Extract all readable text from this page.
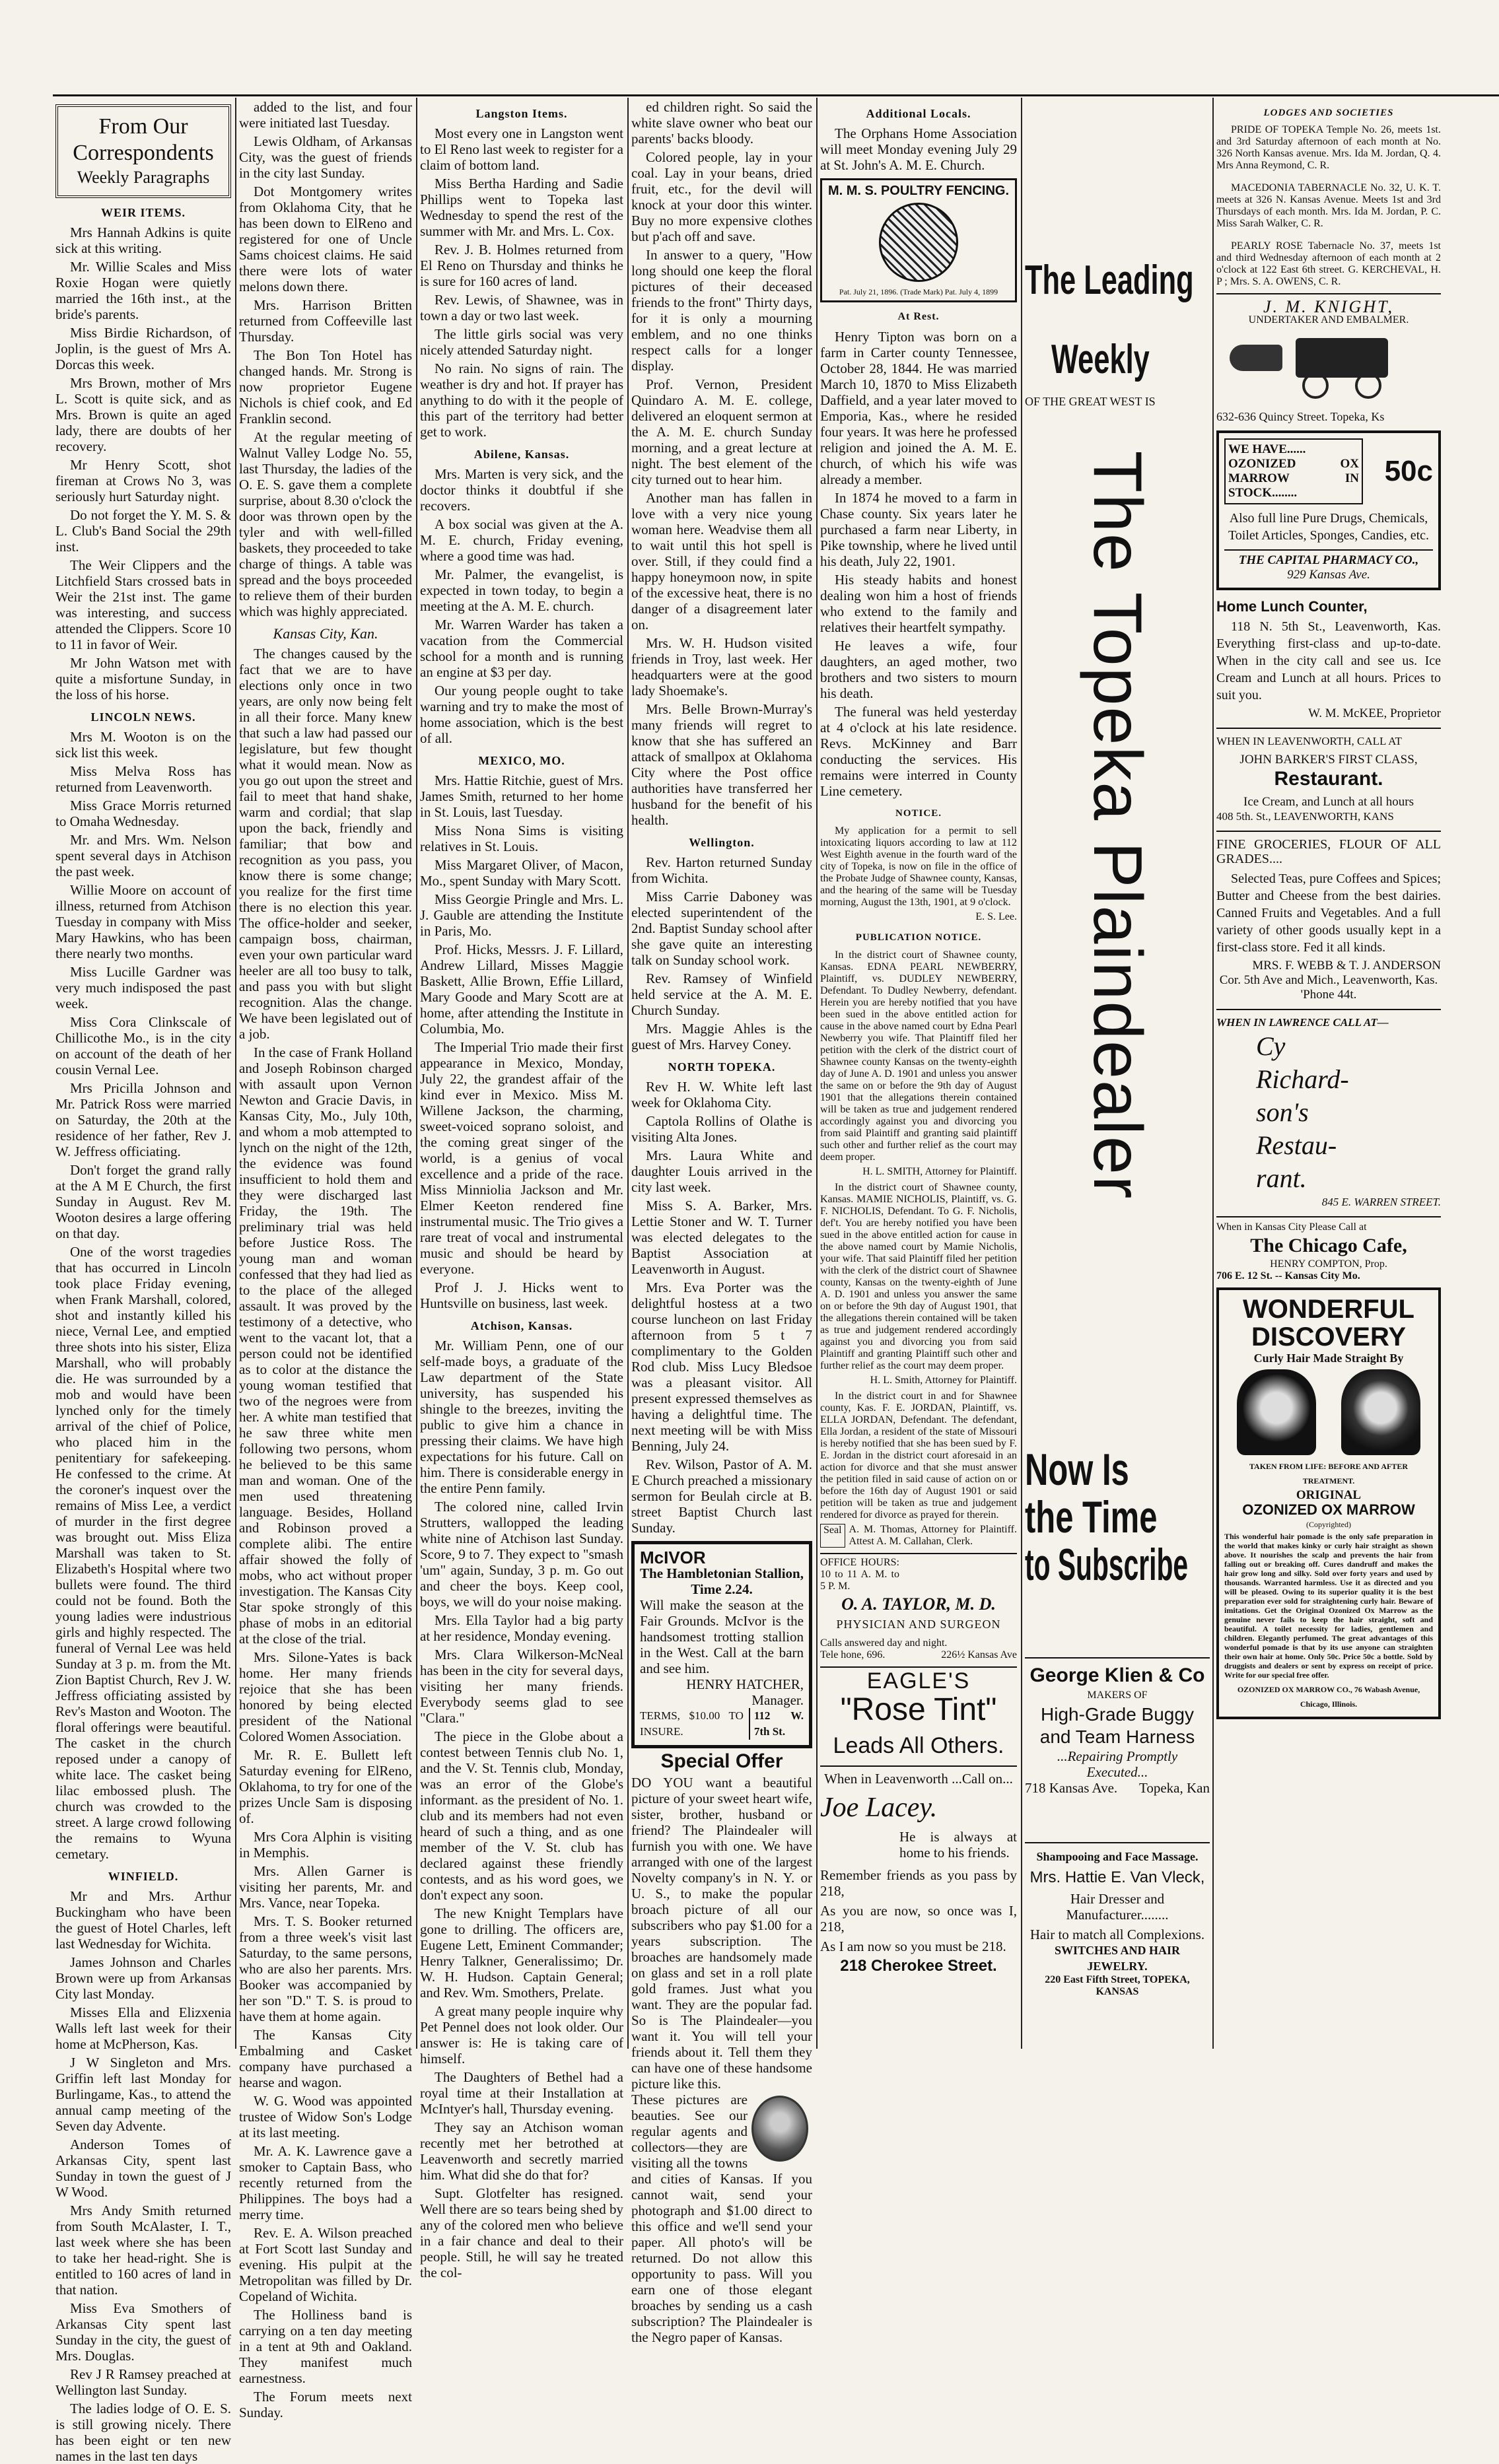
From Our Correspondents
Weekly Paragraphs
WEIR ITEMS.
Mrs Hannah Adkins is quite sick at this writing.
Mr. Willie Scales and Miss Roxie Hogan were quietly married the 16th inst., at the bride's parents.
Miss Birdie Richardson, of Joplin, is the guest of Mrs A. Dorcas this week.
Mrs Brown, mother of Mrs L. Scott is quite sick, and as Mrs. Brown is quite an aged lady, there are doubts of her recovery.
Mr Henry Scott, shot fireman at Crows No 3, was seriously hurt Saturday night.
Do not forget the Y. M. S. & L. Club's Band Social the 29th inst.
The Weir Clippers and the Litchfield Stars crossed bats in Weir the 21st inst. The game was interesting, and success attended the Clippers. Score 10 to 11 in favor of Weir.
Mr John Watson met with quite a misfortune Sunday, in the loss of his horse.
LINCOLN NEWS.
Mrs M. Wooton is on the sick list this week.
Miss Melva Ross has returned from Leavenworth.
Miss Grace Morris returned to Omaha Wednesday.
Mr. and Mrs. Wm. Nelson spent several days in Atchison the past week.
Willie Moore on account of illness, returned from Atchison Tuesday in company with Miss Mary Hawkins, who has been there nearly two months.
Miss Lucille Gardner was very much indisposed the past week.
Miss Cora Clinkscale of Chillicothe Mo., is in the city on account of the death of her cousin Vernal Lee.
Mrs Pricilla Johnson and Mr. Patrick Ross were married on Saturday, the 20th at the residence of her father, Rev J. W. Jeffress officiating.
Don't forget the grand rally at the A M E Church, the first Sunday in August. Rev M. Wooton desires a large offering on that day.
One of the worst tragedies that has occurred in Lincoln took place Friday evening, when Frank Marshall, colored, shot and instantly killed his niece, Vernal Lee, and emptied three shots into his sister, Eliza Marshall, who will probably die. He was surrounded by a mob and would have been lynched only for the timely arrival of the chief of Police, who placed him in the penitentiary for safekeeping. He confessed to the crime. At the coroner's inquest over the remains of Miss Lee, a verdict of murder in the first degree was brought out. Miss Eliza Marshall was taken to St. Elizabeth's Hospital where two bullets were found. The third could not be found. Both the young ladies were industrious girls and highly respected. The funeral of Vernal Lee was held Sunday at 3 p. m. from the Mt. Zion Baptist Church, Rev J. W. Jeffress officiating assisted by Rev's Maston and Wooton. The floral offerings were beautiful. The casket in the church reposed under a canopy of white lace. The casket being lilac embossed plush. The church was crowded to the street. A large crowd following the remains to Wyuna cemetary.
WINFIELD.
Mr and Mrs. Arthur Buckingham who have been the guest of Hotel Charles, left last Wednesday for Wichita.
James Johnson and Charles Brown were up from Arkansas City last Monday.
Misses Ella and Elizxenia Walls left last week for their home at McPherson, Kas.
J W Singleton and Mrs. Griffin left last Monday for Burlingame, Kas., to attend the annual camp meeting of the Seven day Advente.
Anderson Tomes of Arkansas City, spent last Sunday in town the guest of J W Wood.
Mrs Andy Smith returned from South McAlaster, I. T., last week where she has been to take her head-right. She is entitled to 160 acres of land in that nation.
Miss Eva Smothers of Arkansas City spent last Sunday in the city, the guest of Mrs. Douglas.
Rev J R Ramsey preached at Wellington last Sunday.
The ladies lodge of O. E. S. is still growing nicely. There has been eight or ten new names in the last ten days
added to the list, and four were initiated last Tuesday.
Lewis Oldham, of Arkansas City, was the guest of friends in the city last Sunday.
Dot Montgomery writes from Oklahoma City, that he has been down to ElReno and registered for one of Uncle Sams choicest claims. He said there were lots of water melons down there.
Mrs. Harrison Britten returned from Coffeeville last Thursday.
The Bon Ton Hotel has changed hands. Mr. Strong is now proprietor Eugene Nichols is chief cook, and Ed Franklin second.
At the regular meeting of Walnut Valley Lodge No. 55, last Thursday, the ladies of the O. E. S. gave them a complete surprise, about 8.30 o'clock the door was thrown open by the tyler and with well-filled baskets, they proceeded to take charge of things. A table was spread and the boys proceeded to relieve them of their burden which was highly appreciated.
Kansas City, Kan.
The changes caused by the fact that we are to have elections only once in two years, are only now being felt in all their force. Many knew that such a law had passed our legislature, but few thought what it would mean. Now as you go out upon the street and fail to meet that hand shake, warm and cordial; that slap upon the back, friendly and familiar; that bow and recognition as you pass, you know there is some change; you realize for the first time there is no election this year. The office-holder and seeker, campaign boss, chairman, even your own particular ward heeler are all too busy to talk, and pass you with but slight recognition. Alas the change. We have been legislated out of a job.
In the case of Frank Holland and Joseph Robinson charged with assault upon Vernon Newton and Gracie Davis, in Kansas City, Mo., July 10th, and whom a mob attempted to lynch on the night of the 12th, the evidence was found insufficient to hold them and they were discharged last Friday, the 19th. The preliminary trial was held before Justice Ross. The young man and woman confessed that they had lied as to the place of the alleged assault. It was proved by the testimony of a detective, who went to the vacant lot, that a person could not be identified as to color at the distance the young woman testified that two of the negroes were from her. A white man testified that he saw three white men following two persons, whom he believed to be this same man and woman. One of the men used threatening language. Besides, Holland and Robinson proved a complete alibi. The entire affair showed the folly of mobs, who act without proper investigation. The Kansas City Star spoke strongly of this phase of mobs in an editorial at the close of the trial.
Mrs. Silone-Yates is back home. Her many friends rejoice that she has been honored by being elected president of the National Colored Women Association.
Mr. R. E. Bullett left Saturday evening for ElReno, Oklahoma, to try for one of the prizes Uncle Sam is disposing of.
Mrs Cora Alphin is visiting in Memphis.
Mrs. Allen Garner is visiting her parents, Mr. and Mrs. Vance, near Topeka.
Mrs. T. S. Booker returned from a three week's visit last Saturday, to the same persons, who are also her parents. Mrs. Booker was accompanied by her son "D." T. S. is proud to have them at home again.
The Kansas City Embalming and Casket company have purchased a hearse and wagon.
W. G. Wood was appointed trustee of Widow Son's Lodge at its last meeting.
Mr. A. K. Lawrence gave a smoker to Captain Bass, who recently returned from the Philippines. The boys had a merry time.
Rev. E. A. Wilson preached at Fort Scott last Sunday and evening. His pulpit at the Metropolitan was filled by Dr. Copeland of Wichita.
The Holliness band is carrying on a ten day meeting in a tent at 9th and Oakland. They manifest much earnestness.
The Forum meets next Sunday.
Langston Items.
Most every one in Langston went to El Reno last week to register for a claim of bottom land.
Miss Bertha Harding and Sadie Phillips went to Topeka last Wednesday to spend the rest of the summer with Mr. and Mrs. L. Cox.
Rev. J. B. Holmes returned from El Reno on Thursday and thinks he is sure for 160 acres of land.
Rev. Lewis, of Shawnee, was in town a day or two last week.
The little girls social was very nicely attended Saturday night.
No rain. No signs of rain. The weather is dry and hot. If prayer has anything to do with it the people of this part of the territory had better get to work.
Abilene, Kansas.
Mrs. Marten is very sick, and the doctor thinks it doubtful if she recovers.
A box social was given at the A. M. E. church, Friday evening, where a good time was had.
Mr. Palmer, the evangelist, is expected in town today, to begin a meeting at the A. M. E. church.
Mr. Warren Warder has taken a vacation from the Commercial school for a month and is running an engine at $3 per day.
Our young people ought to take warning and try to make the most of home association, which is the best of all.
MEXICO, MO.
Mrs. Hattie Ritchie, guest of Mrs. James Smith, returned to her home in St. Louis, last Tuesday.
Miss Nona Sims is visiting relatives in St. Louis.
Miss Margaret Oliver, of Macon, Mo., spent Sunday with Mary Scott.
Miss Georgie Pringle and Mrs. L. J. Gauble are attending the Institute in Paris, Mo.
Prof. Hicks, Messrs. J. F. Lillard, Andrew Lillard, Misses Maggie Baskett, Allie Brown, Effie Lillard, Mary Goode and Mary Scott are at home, after attending the Institute in Columbia, Mo.
The Imperial Trio made their first appearance in Mexico, Monday, July 22, the grandest affair of the kind ever in Mexico. Miss M. Willene Jackson, the charming, sweet-voiced soprano soloist, and the coming great singer of the world, is a genius of vocal excellence and a pride of the race. Miss Minniolia Jackson and Mr. Elmer Keeton rendered fine instrumental music. The Trio gives a rare treat of vocal and instrumental music and should be heard by everyone.
Prof J. J. Hicks went to Huntsville on business, last week.
Atchison, Kansas.
Mr. William Penn, one of our self-made boys, a graduate of the Law department of the State university, has suspended his shingle to the breezes, inviting the public to give him a chance in pressing their claims. We have high expectations for his future. Call on him. There is considerable energy in the entire Penn family.
The colored nine, called Irvin Strutters, wallopped the leading white nine of Atchison last Sunday. Score, 9 to 7. They expect to "smash 'um" again, Sunday, 3 p. m. Go out and cheer the boys. Keep cool, boys, we will do your noise making.
Mrs. Ella Taylor had a big party at her residence, Monday evening.
Mrs. Clara Wilkerson-McNeal has been in the city for several days, visiting her many friends. Everybody seems glad to see "Clara."
The piece in the Globe about a contest between Tennis club No. 1, and the V. St. Tennis club, Monday, was an error of the Globe's informant. as the president of No. 1. club and its members had not even heard of such a thing, and as one member of the V. St. club has declared against these friendly contests, and as his word goes, we don't expect any soon.
The new Knight Templars have gone to drilling. The officers are, Eugene Lett, Eminent Commander; Henry Talkner, Generalissimo; Dr. W. H. Hudson. Captain General; and Rev. Wm. Smothers, Prelate.
A great many people inquire why Pet Pennel does not look older. Our answer is: He is taking care of himself.
The Daughters of Bethel had a royal time at their Installation at McIntyer's hall, Thursday evening.
They say an Atchison woman recently met her betrothed at Leavenworth and secretly married him. What did she do that for?
Supt. Glotfelter has resigned. Well there are so tears being shed by any of the colored men who believe in a fair chance and deal to their people. Still, he will say he treated the col-
ed children right. So said the white slave owner who beat our parents' backs bloody.
Colored people, lay in your coal. Lay in your beans, dried fruit, etc., for the devil will knock at your door this winter. Buy no more expensive clothes but p'ach off and save.
In answer to a query, "How long should one keep the floral pictures of their deceased friends to the front" Thirty days, for it is only a mourning emblem, and no one thinks respect calls for a longer display.
Prof. Vernon, President Quindaro A. M. E. college, delivered an eloquent sermon at the A. M. E. church Sunday morning, and a great lecture at night. The best element of the city turned out to hear him.
Another man has fallen in love with a very nice young woman here. Weadvise them all to wait until this hot spell is over. Still, if they could find a happy honeymoon now, in spite of the excessive heat, there is no danger of a disagreement later on.
Mrs. W. H. Hudson visited friends in Troy, last week. Her headquarters were at the good lady Shoemake's.
Mrs. Belle Brown-Murray's many friends will regret to know that she has suffered an attack of smallpox at Oklahoma City where the Post office authorities have transferred her husband for the benefit of his health.
Wellington.
Rev. Harton returned Sunday from Wichita.
Miss Carrie Daboney was elected superintendent of the 2nd. Baptist Sunday school after she gave quite an interesting talk on Sunday school work.
Rev. Ramsey of Winfield held service at the A. M. E. Church Sunday.
Mrs. Maggie Ahles is the guest of Mrs. Harvey Coney.
NORTH TOPEKA.
Rev H. W. White left last week for Oklahoma City.
Captola Rollins of Olathe is visiting Alta Jones.
Mrs. Laura White and daughter Louis arrived in the city last week.
Miss S. A. Barker, Mrs. Lettie Stoner and W. T. Turner was elected delegates to the Baptist Association at Leavenworth in August.
Mrs. Eva Porter was the delightful hostess at a two course luncheon on last Friday afternoon from 5 t 7 complimentary to the Golden Rod club. Miss Lucy Bledsoe was a pleasant visitor. All present expressed themselves as having a delightful time. The next meeting will be with Miss Benning, July 24.
Rev. Wilson, Pastor of A. M. E Church preached a missionary sermon for Beulah circle at B. street Baptist Church last Sunday.
McIVOR
The Hambletonian Stallion, Time 2.24.
Will make the season at the Fair Grounds. McIvor is the handsomest trotting stallion in the West. Call at the barn and see him.
HENRY HATCHER, Manager.
TERMS, $10.00 TO INSURE.
112 W. 7th St.
Special Offer
DO YOU want a beautiful picture of your sweet heart wife, sister, brother, husband or friend? The Plaindealer will furnish you with one. We have arranged with one of the largest Novelty company's in N. Y. or U. S., to make the popular broach picture of all our subscribers who pay $1.00 for a years subscription. The broaches are handsomely made on glass and set in a roll plate gold frames. Just what you want. They are the popular fad. So is The Plaindealer—you want it. You will tell your friends about it. Tell them they can have one of these handsome picture like this.
These pictures are beauties. See our regular agents and collectors—they are visiting all the towns and cities of Kansas. If you cannot wait, send your photograph and $1.00 direct to this office and we'll send your paper. All photo's will be returned. Do not allow this opportunity to pass. Will you earn one of those elegant broaches by sending us a cash subscription? The Plaindealer is the Negro paper of Kansas.
Additional Locals.
The Orphans Home Association will meet Monday evening July 29 at St. John's A. M. E. Church.
M. M. S. POULTRY FENCING.
Pat. July 21, 1896. (Trade Mark) Pat. July 4, 1899
At Rest.
Henry Tipton was born on a farm in Carter county Tennessee, October 28, 1844. He was married March 10, 1870 to Miss Elizabeth Daffield, and a year later moved to Emporia, Kas., where he resided four years. It was here he professed religion and joined the A. M. E. church, of which his wife was already a member.
In 1874 he moved to a farm in Chase county. Six years later he purchased a farm near Liberty, in Pike township, where he lived until his death, July 22, 1901.
His steady habits and honest dealing won him a host of friends who extend to the family and relatives their heartfelt sympathy.
He leaves a wife, four daughters, an aged mother, two brothers and two sisters to mourn his death.
The funeral was held yesterday at 4 o'clock at his late residence. Revs. McKinney and Barr conducting the services. His remains were interred in County Line cemetery.
NOTICE.
My application for a permit to sell intoxicating liquors according to law at 112 West Eighth avenue in the fourth ward of the city of Topeka, is now on file in the office of the Probate Judge of Shawnee county, Kansas, and the hearing of the same will be Tuesday morning, August the 13th, 1901, at 9 o'clock.
E. S. Lee.
PUBLICATION NOTICE.
In the district court of Shawnee county, Kansas. EDNA PEARL NEWBERRY, Plaintiff, vs. DUDLEY NEWBERRY, Defendant. To Dudley Newberry, defendant. Herein you are hereby notified that you have been sued in the above entitled action for cause in the above named court by Edna Pearl Newberry you wife. That Plaintiff filed her petition with the clerk of the district court of Shawnee county Kansas on the twenty-eighth day of June A. D. 1901 and unless you answer the same on or before the 9th day of August 1901 that the allegations therein contained will be taken as true and judgement rendered accordingly against you and divorcing you from said Plaintiff and granting said plaintiff such other and further relief as the court may deem proper.
H. L. SMITH, Attorney for Plaintiff.
In the district court of Shawnee county, Kansas. MAMIE NICHOLIS, Plaintiff, vs. G. F. NICHOLIS, Defendant. To G. F. Nicholis, def't. You are hereby notified you have been sued in the above entitled action for cause in the above named court by Mamie Nicholis, your wife. That said Plaintiff filed her petition with the clerk of the district court of Shawnee county, Kansas on the twenty-eighth of June A. D. 1901 and unless you answer the same on or before the 9th day of August 1901, that the allegations therein contained will be taken as true and judgement rendered accordingly against you and divorcing you from said Plaintiff and granting Plaintiff such other and further relief as the court may deem proper.
H. L. Smith, Attorney for Plaintiff.
In the district court in and for Shawnee county, Kas. F. E. JORDAN, Plaintiff, vs. ELLA JORDAN, Defendant. The defendant, Ella Jordan, a resident of the state of Missouri is hereby notified that she has been sued by F. E. Jordan in the district court aforesaid in an action for divorce and that she must answer the petition filed in said cause of action on or before the 16th day of August 1901 or said petition will be taken as true and judgement rendered for divorce as prayed for therein.
Seal A. M. Thomas, Attorney for Plaintiff. Attest A. M. Callahan, Clerk.
OFFICE HOURS: 10 to 11 A. M. to 5 P. M.
O. A. TAYLOR, M. D.
PHYSICIAN AND SURGEON
Calls answered day and night.
Tele hone, 696.	226½ Kansas Ave
EAGLE'S
"Rose Tint"
Leads All Others.
When in Leavenworth ...Call on...
Joe Lacey.
He is always at home to his friends.
Remember friends as you pass by 218,
As you are now, so once was I, 218,
As I am now so you must be 218.
218 Cherokee Street.
The Leading
Weekly
OF THE GREAT WEST IS
The Topeka Plaindealer
Now Is
the Time
to Subscribe
George Klien & Co
MAKERS OF
High-Grade Buggy
and Team Harness
...Repairing Promptly Executed...
718 Kansas Ave. Topeka, Kan
Shampooing and Face Massage.
Mrs. Hattie E. Van Vleck,
Hair Dresser and
Manufacturer........
Hair to match all Complexions.
SWITCHES AND HAIR JEWELRY.
220 East Fifth Street, TOPEKA, KANSAS
LODGES AND SOCIETIES
PRIDE OF TOPEKA Temple No. 26, meets 1st. and 3rd Saturday afternoon of each month at No. 326 North Kansas avenue. Mrs. Ida M. Jordan, Q. 4. Mrs Anna Reymond, C. R.
MACEDONIA TABERNACLE No. 32, U. K. T. meets at 326 N. Kansas Avenue. Meets 1st and 3rd Thursdays of each month. Mrs. Ida M. Jordan, P. C. Miss Sarah Walker, C. R.
PEARLY ROSE Tabernacle No. 37, meets 1st and third Wednesday afternoon of each month at 2 o'clock at 122 East 6th street. G. KERCHEVAL, H. P ; Mrs. S. A. OWENS, C. R.
J. M. KNIGHT,
UNDERTAKER AND EMBALMER.
632-636 Quincy Street. Topeka, Ks
WE HAVE......
OZONIZED OX MARROW IN STOCK........
50c
Also full line Pure Drugs, Chemicals, Toilet Articles, Sponges, Candies, etc.
THE CAPITAL PHARMACY CO.,
929 Kansas Ave.
Home Lunch Counter,
118 N. 5th St., Leavenworth, Kas. Everything first-class and up-to-date. When in the city call and see us. Ice Cream and Lunch at all hours. Prices to suit you.
W. M. McKEE, Proprietor
WHEN IN LEAVENWORTH, CALL AT
JOHN BARKER'S FIRST CLASS,
Restaurant.
Ice Cream, and Lunch at all hours
408 5th. St., LEAVENWORTH, KANS
FINE GROCERIES, FLOUR OF ALL GRADES....
Selected Teas, pure Coffees and Spices; Butter and Cheese from the best dairies. Canned Fruits and Vegetables. And a full variety of other goods usually kept in a first-class store. Fed it all kinds.
MRS. F. WEBB & T. J. ANDERSON
Cor. 5th Ave and Mich., Leavenworth, Kas. 'Phone 44t.
WHEN IN LAWRENCE CALL AT—
Cy
Richard-
son's
Restau-
rant.
845 E. WARREN STREET.
When in Kansas City Please Call at
The Chicago Cafe,
HENRY COMPTON, Prop.
706 E. 12 St. -- Kansas City Mo.
WONDERFUL
DISCOVERY
Curly Hair Made Straight By
TAKEN FROM LIFE: BEFORE AND AFTER TREATMENT.
ORIGINAL
OZONIZED OX MARROW
(Copyrighted)
This wonderful hair pomade is the only safe preparation in the world that makes kinky or curly hair straight as shown above. It nourishes the scalp and prevents the hair from falling out or breaking off. Cures dandruff and makes the hair grow long and silky. Sold over forty years and used by thousands. Warranted harmless. Use it as directed and you will be pleased. Owing to its superior quality it is the best preparation ever sold for straightening curly hair. Beware of imitations. Get the Original Ozonized Ox Marrow as the genuine never fails to keep the hair straight, soft and beautiful. A toilet necessity for ladies, gentlemen and children. Elegantly perfumed. The great advantages of this wonderful pomade is that by its use anyone can straighten their own hair at home. Only 50c. Price 50c a bottle. Sold by druggists and dealers or sent by express on receipt of price. Write for our special free offer.
OZONIZED OX MARROW CO., 76 Wabash Avenue, Chicago, Illinois.
